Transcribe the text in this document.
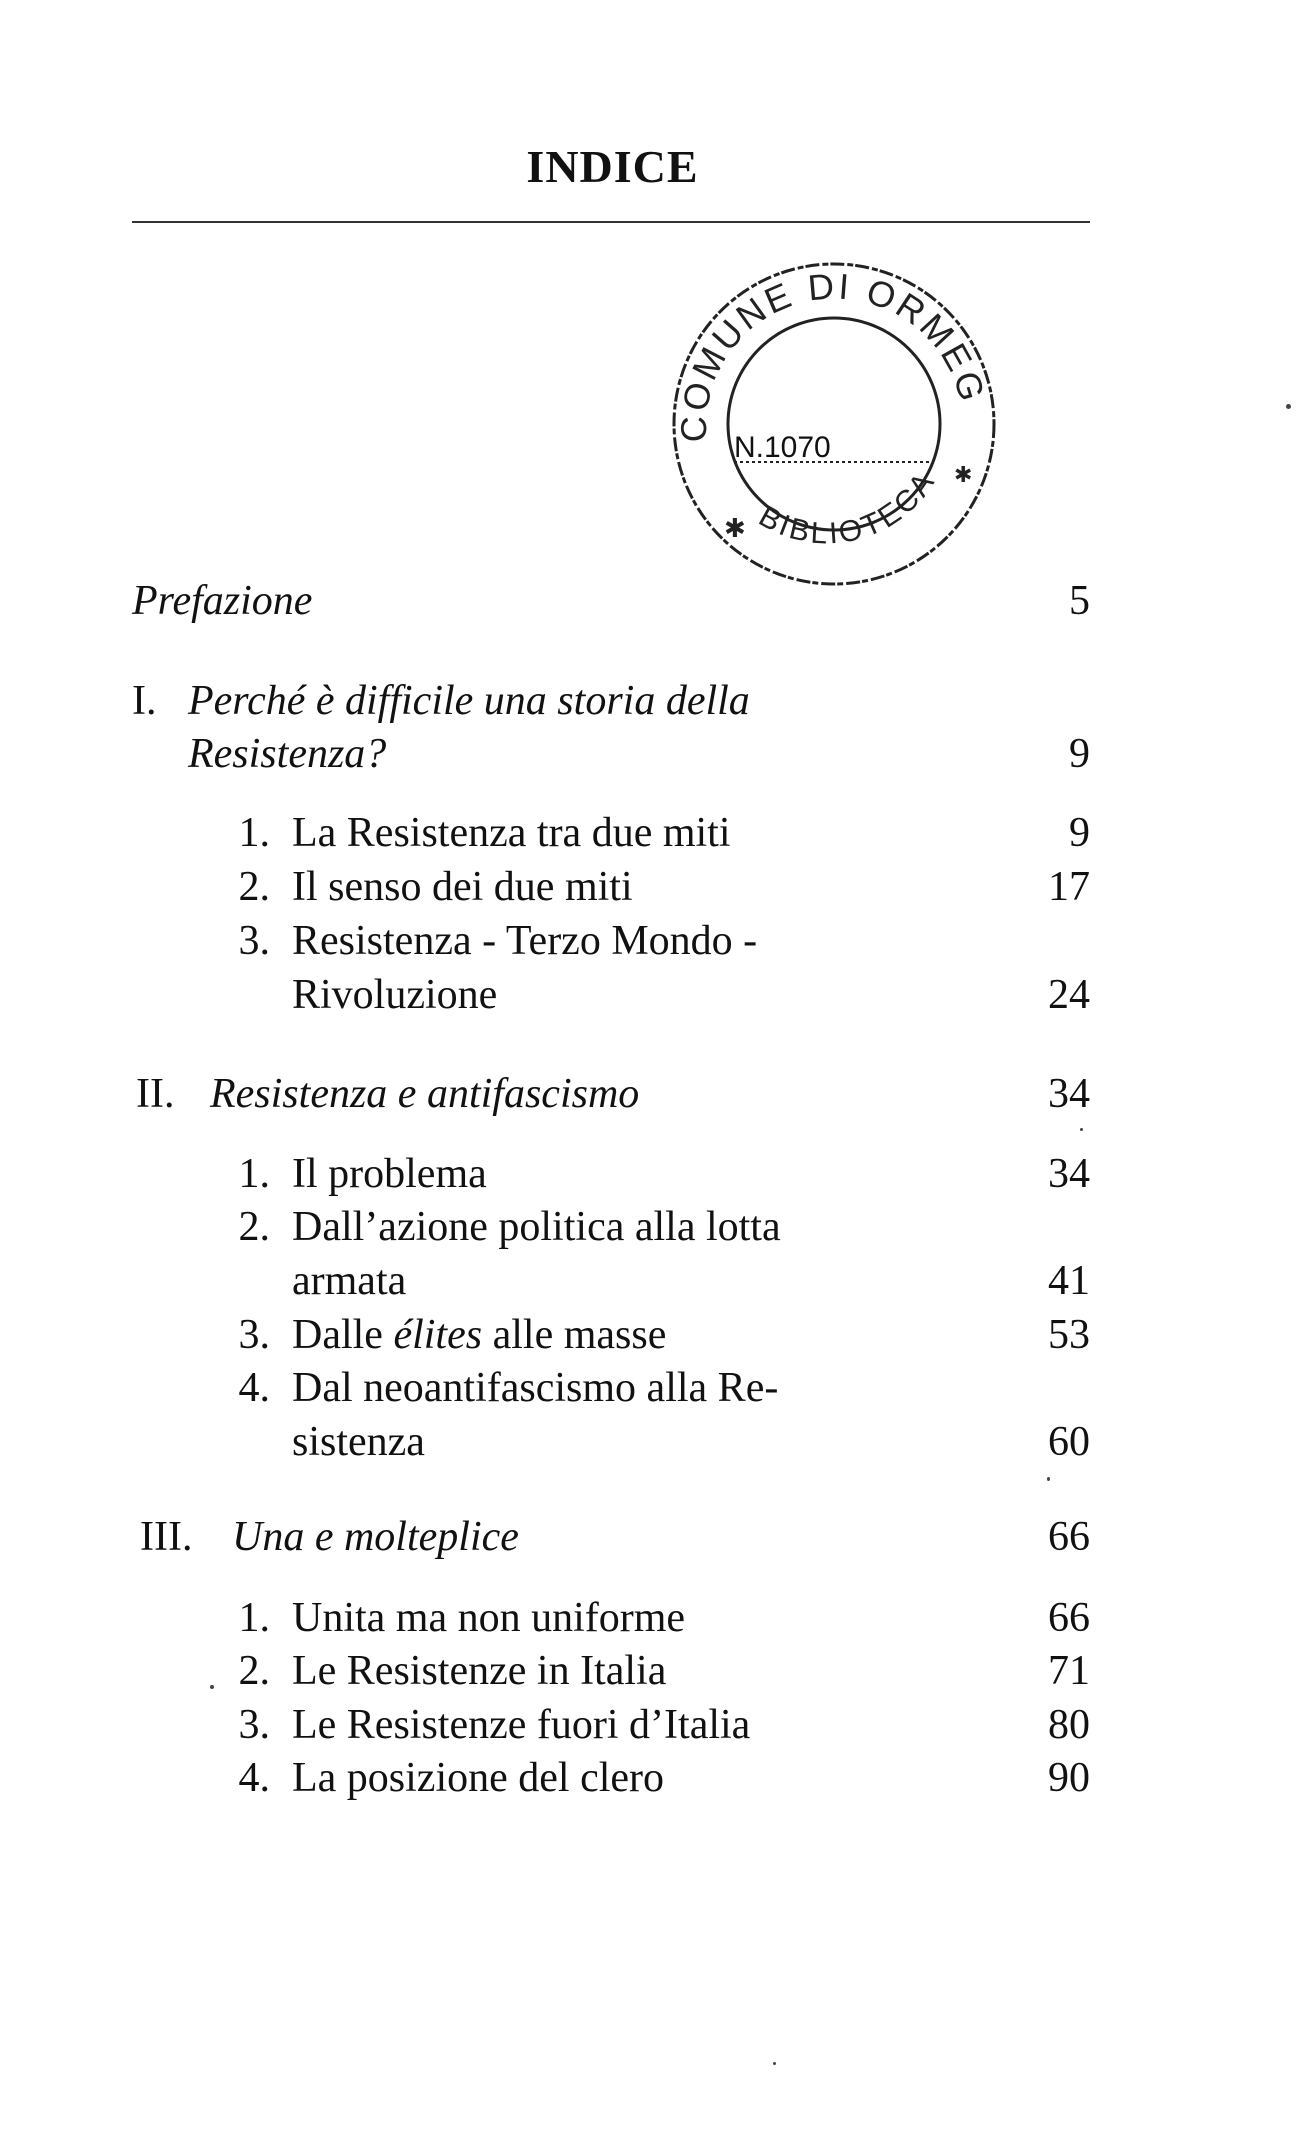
INDICE
COMUNE DI ORMEG
BIBLIOTECA
N.1070
✱
✱
Prefazione	5
I. Perché è difficile una storia della
Resistenza?	9
1. La Resistenza tra due miti	9
2. Il senso dei due miti	17
3. Resistenza - Terzo Mondo -
Rivoluzione	24
II. Resistenza e antifascismo	34
1. Il problema	34
2. Dall’azione politica alla lotta
armata	41
3. Dalle élites alle masse	53
4. Dal neoantifascismo alla Re-
sistenza	60
III. Una e molteplice	66
1. Unita ma non uniforme	66
2. Le Resistenze in Italia	71
3. Le Resistenze fuori d’Italia	80
4. La posizione del clero	90
